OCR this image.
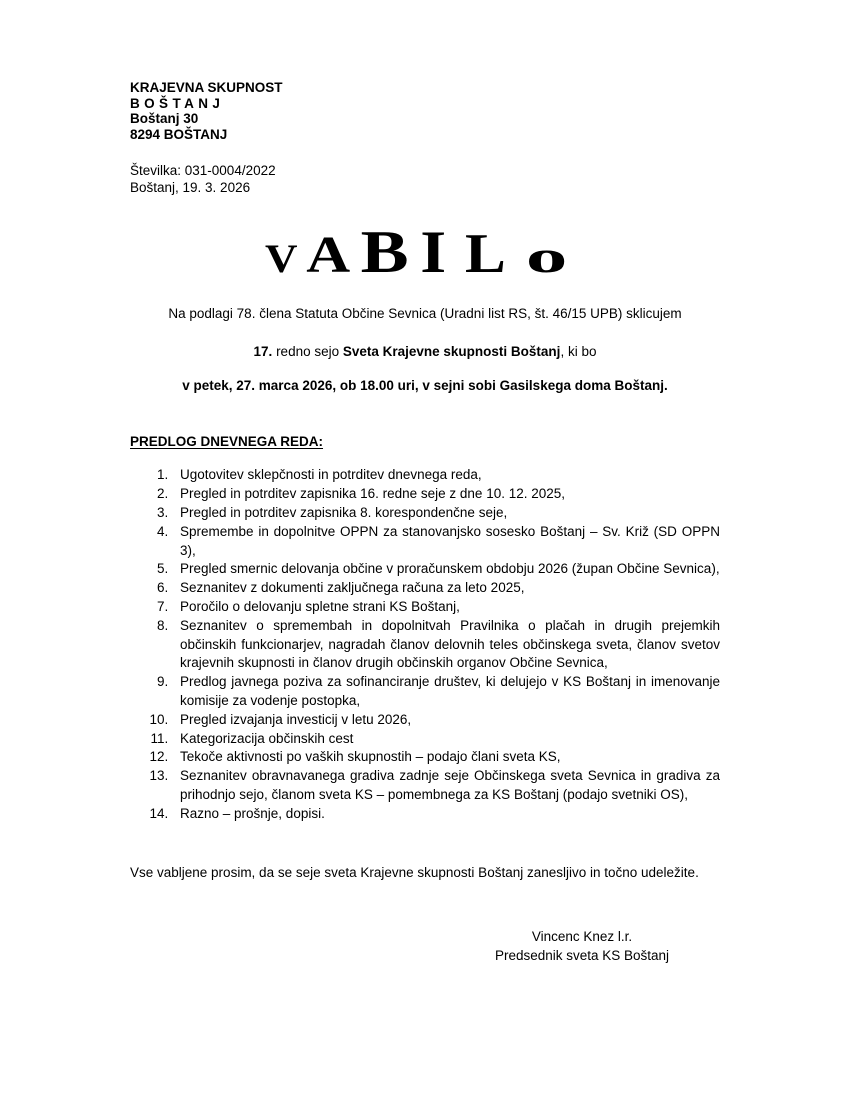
KRAJEVNA SKUPNOST
BOŠTANJ
Boštanj 30
8294 BOŠTANJ
Številka: 031-0004/2022
Boštanj, 19. 3. 2026
V A B I L o
Na podlagi 78. člena Statuta Občine Sevnica (Uradni list RS, št. 46/15 UPB) sklicujem
17. redno sejo Sveta Krajevne skupnosti Boštanj, ki bo
v petek, 27. marca 2026, ob 18.00 uri, v sejni sobi Gasilskega doma Boštanj.
PREDLOG DNEVNEGA REDA:
1. Ugotovitev sklepčnosti in potrditev dnevnega reda,
2. Pregled in potrditev zapisnika 16. redne seje z dne 10. 12. 2025,
3. Pregled in potrditev zapisnika 8. korespondenčne seje,
4. Spremembe in dopolnitve OPPN za stanovanjsko sosesko Boštanj – Sv. Križ (SD OPPN 3),
5. Pregled smernic delovanja občine v proračunskem obdobju 2026 (župan Občine Sevnica),
6. Seznanitev z dokumenti zaključnega računa za leto 2025,
7. Poročilo o delovanju spletne strani KS Boštanj,
8. Seznanitev o spremembah in dopolnitvah Pravilnika o plačah in drugih prejemkih občinskih funkcionarjev, nagradah članov delovnih teles občinskega sveta, članov svetov krajevnih skupnosti in članov drugih občinskih organov Občine Sevnica,
9. Predlog javnega poziva za sofinanciranje društev, ki delujejo v KS Boštanj in imenovanje komisije za vodenje postopka,
10. Pregled izvajanja investicij v letu 2026,
11. Kategorizacija občinskih cest
12. Tekoče aktivnosti po vaških skupnostih – podajo člani sveta KS,
13. Seznanitev obravnavanega gradiva zadnje seje Občinskega sveta Sevnica in gradiva za prihodnjo sejo, članom sveta KS – pomembnega za KS Boštanj (podajo svetniki OS),
14. Razno – prošnje, dopisi.
Vse vabljene prosim, da se seje sveta Krajevne skupnosti Boštanj zanesljivo in točno udeležite.
Vincenc Knez l.r.
Predsednik sveta KS Boštanj
